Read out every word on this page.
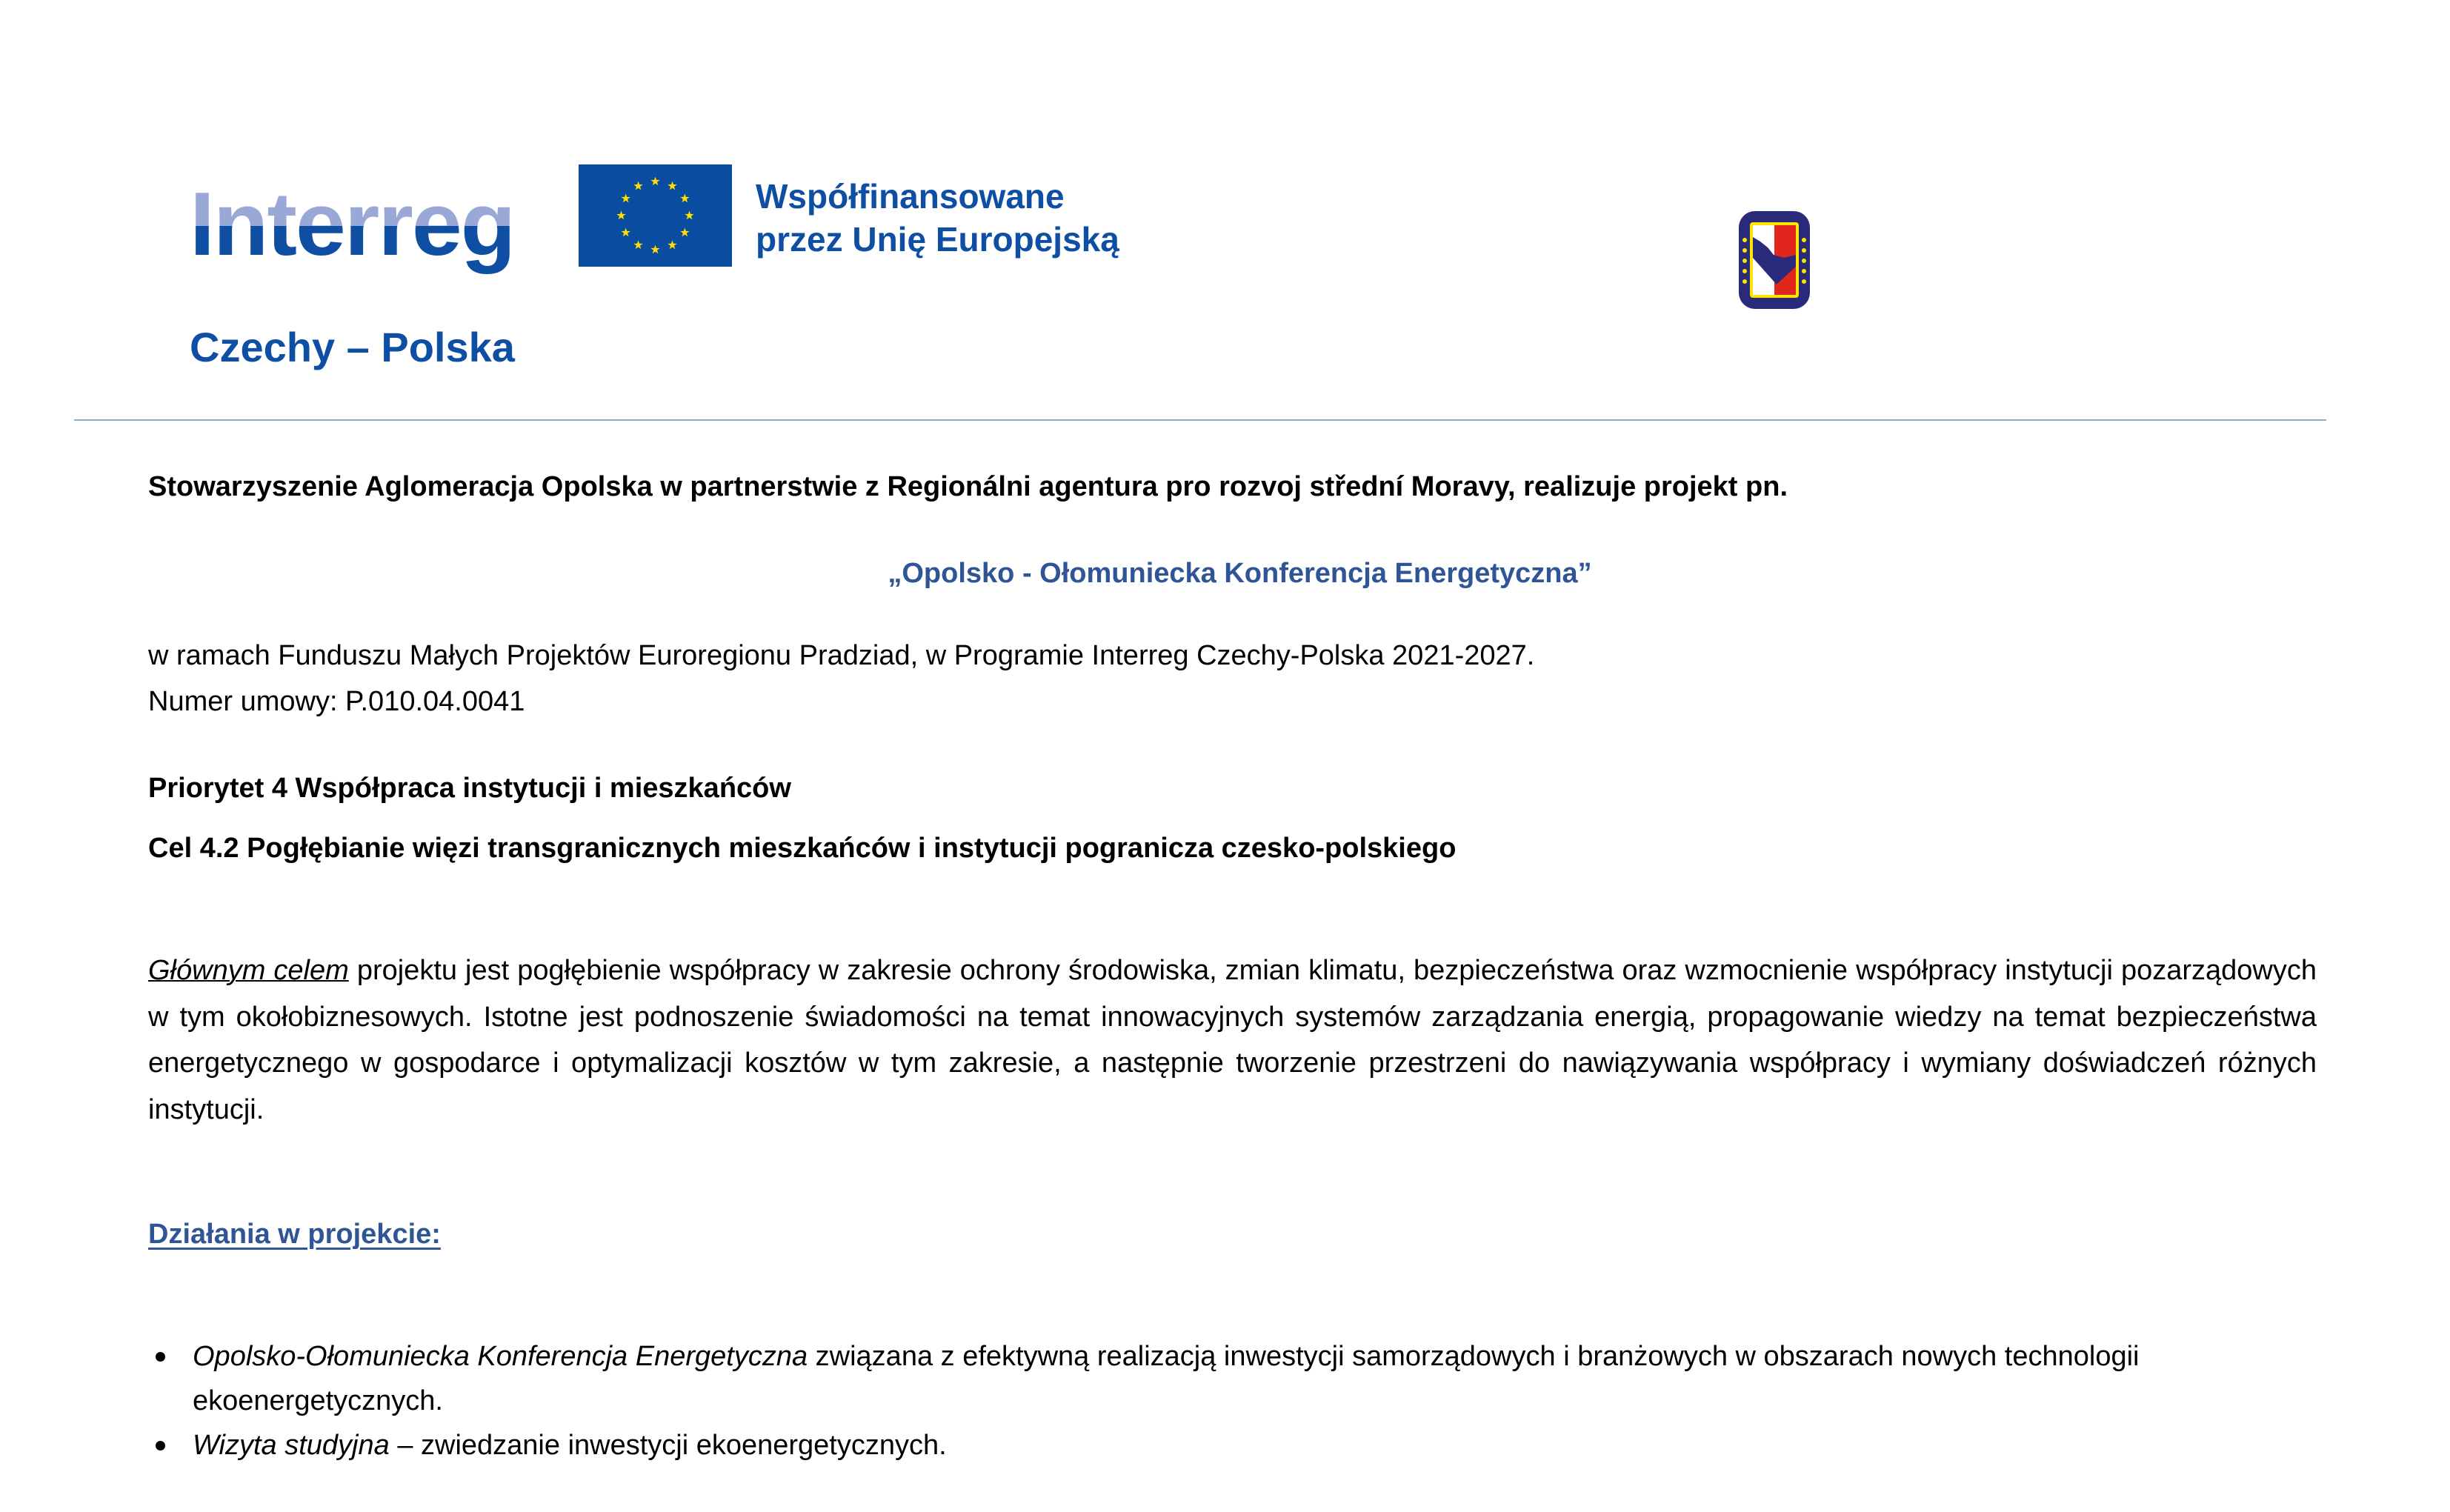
Interreg	Współfinansowane
przez Unię Europejską
Czechy – Polska
Stowarzyszenie Aglomeracja Opolska w partnerstwie z Regionálni agentura pro rozvoj střední Moravy, realizuje projekt pn.
„Opolsko - Ołomuniecka Konferencja Energetyczna”
w ramach Funduszu Małych Projektów Euroregionu Pradziad, w Programie Interreg Czechy-Polska 2021-2027.
Numer umowy: P.010.04.0041
Priorytet 4 Współpraca instytucji i mieszkańców
Cel 4.2 Pogłębianie więzi transgranicznych mieszkańców i instytucji pogranicza czesko-polskiego
Głównym celem projektu jest pogłębienie współpracy w zakresie ochrony środowiska, zmian klimatu, bezpieczeństwa oraz wzmocnienie współpracy instytucji pozarządowych w tym okołobiznesowych. Istotne jest podnoszenie świadomości na temat innowacyjnych systemów zarządzania energią, propagowanie wiedzy na temat bezpieczeństwa energetycznego w gospodarce i optymalizacji kosztów w tym zakresie, a następnie tworzenie przestrzeni do nawiązywania współpracy i wymiany doświadczeń różnych instytucji.
Działania w projekcie:
Opolsko-Ołomuniecka Konferencja Energetyczna związana z efektywną realizacją inwestycji samorządowych i branżowych w obszarach nowych technologii ekoenergetycznych.
Wizyta studyjna – zwiedzanie inwestycji ekoenergetycznych.
